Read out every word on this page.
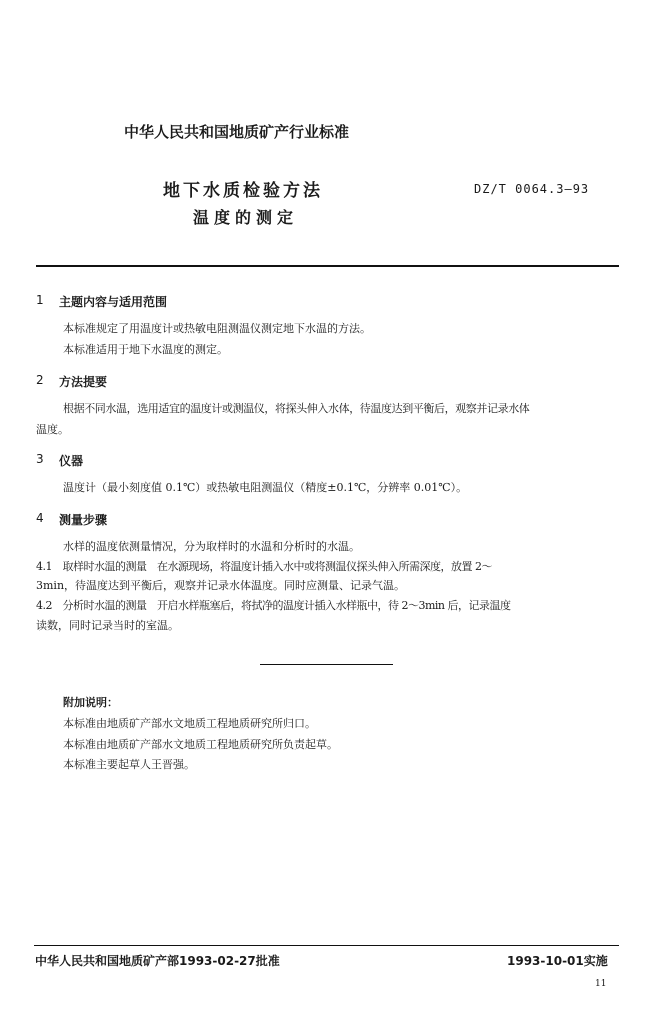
中华人民共和国地质矿产行业标准
地下水质检验方法
温度的测定
DZ/T 0064.3—93
1 主题内容与适用范围
本标准规定了用温度计或热敏电阻测温仪测定地下水温的方法。
本标准适用于地下水温度的测定。
2 方法提要
根据不同水温，选用适宜的温度计或测温仪，将探头伸入水体，待温度达到平衡后，观察并记录水体
温度。
3 仪器
温度计（最小刻度值 0.1℃）或热敏电阻测温仪（精度±0.1℃，分辨率 0.01℃）。
4 测量步骤
水样的温度依测量情况，分为取样时的水温和分析时的水温。
4.1　取样时水温的测量　在水源现场，将温度计插入水中或将测温仪探头伸入所需深度，放置 2～
3min，待温度达到平衡后，观察并记录水体温度。同时应测量、记录气温。
4.2　分析时水温的测量　开启水样瓶塞后，将拭净的温度计插入水样瓶中，待 2～3min 后，记录温度
读数，同时记录当时的室温。
附加说明：
本标准由地质矿产部水文地质工程地质研究所归口。
本标准由地质矿产部水文地质工程地质研究所负责起草。
本标准主要起草人王晋强。
中华人民共和国地质矿产部1993-02-27批准	1993-10-01实施
11
